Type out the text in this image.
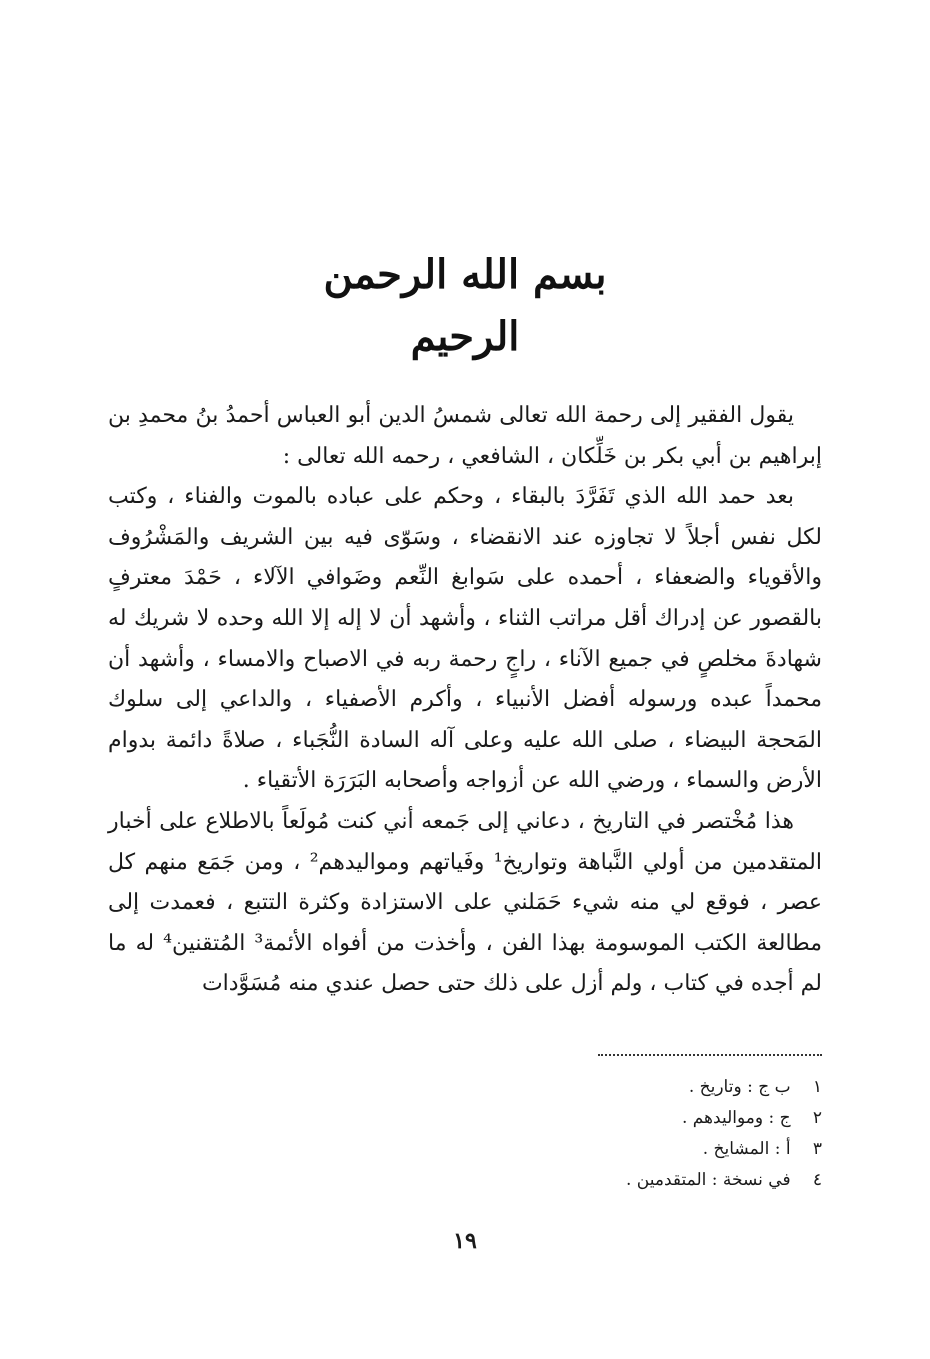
بسم الله الرحمن الرحيم

يقول الفقير إلى رحمة الله تعالى شمسُ الدين أبو العباس أحمدُ بنُ محمدِ بن إبراهيم بن أبي بكر بن خَلِّكان ، الشافعي ، رحمه الله تعالى :

بعد حمد الله الذي تَفَرَّدَ بالبقاء ، وحكم على عباده بالموت والفناء ، وكتب لكل نفس أجلاً لا تجاوزه عند الانقضاء ، وسَوّى فيه بين الشريف والمَشْرُوف والأقوياء والضعفاء ، أحمده على سَوابغ النِّعم وضَوافي الآلاء ، حَمْدَ معترفٍ بالقصور عن إدراك أقل مراتب الثناء ، وأشهد أن لا إله إلا الله وحده لا شريك له شهادةَ مخلصٍ في جميع الآناء ، راجٍ رحمة ربه في الاصباح والامساء ، وأشهد أن محمداً عبده ورسوله أفضل الأنبياء ، وأكرم الأصفياء ، والداعي إلى سلوك المَحجة البيضاء ، صلى الله عليه وعلى آله السادة النُّجَباء ، صلاةً دائمة بدوام الأرض والسماء ، ورضي الله عن أزواجه وأصحابه البَرَرَة الأتقياء .

هذا مُخْتصر في التاريخ ، دعاني إلى جَمعه أني كنت مُولَعاً بالاطلاع على أخبار المتقدمين من أولي النَّباهة وتواريخ¹ وفَياتهم ومواليدهم² ، ومن جَمَع منهم كل عصر ، فوقع لي منه شيء حَمَلني على الاستزادة وكثرة التتبع ، فعمدت إلى مطالعة الكتب الموسومة بهذا الفن ، وأخذت من أفواه الأئمة³ المُتقنين⁴ له ما لم أجده في كتاب ، ولم أزل على ذلك حتى حصل عندي منه مُسَوَّدات

١ ب ج : وتاريخ .
٢ ج : ومواليدهم .
٣ أ : المشايخ .
٤ في نسخة : المتقدمين .
١٩
